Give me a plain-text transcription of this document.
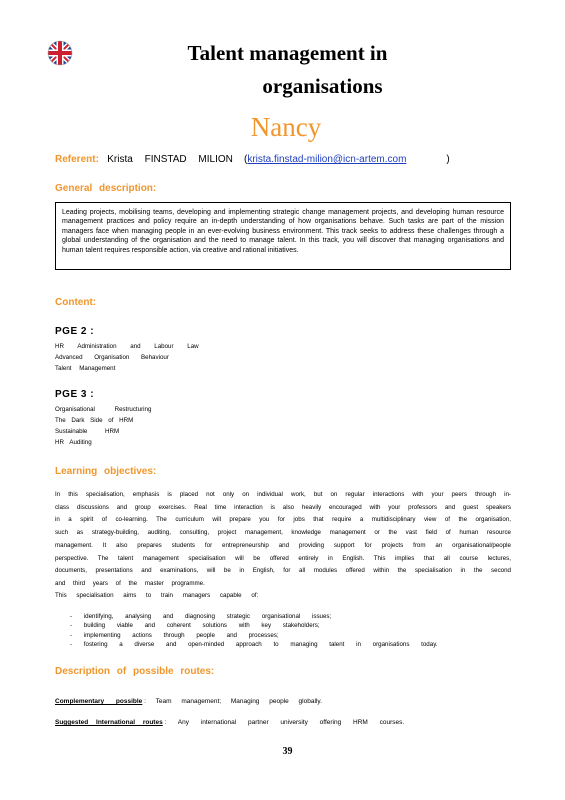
Talent management in
organisations
Nancy
Referent: Krista FINSTAD MILION (krista.finstad-milion@icn-artem.com	)
General description:
Leading projects, mobilising teams, developing and implementing strategic change management projects, and developing human resource management practices and policy require an in-depth understanding of how organisations behave. Such tasks are part of the mission managers face when managing people in an ever-evolving business environment. This track seeks to address these challenges through a global understanding of the organisation and the need to manage talent. In this track, you will discover that managing organisations and human talent requires responsible action, via creative and rational initiatives.
Content:
PGE 2 :
HR Administration and Labour Law
Advanced Organisation Behaviour
Talent Management
PGE 3 :
Organisational Restructuring
The Dark Side of HRM
Sustainable HRM
HR Auditing
Learning objectives:
In this specialisation, emphasis is placed not only on individual work, but on regular interactions with your peers through in-class discussions and group exercises. Real time interaction is also heavily encouraged with your professors and guest speakers in a spirit of co-learning. The curriculum will prepare you for jobs that require a multidisciplinary view of the organisation, such as strategy-building, auditing, consulting, project management, knowledge management or the vast field of human resource management. It also prepares students for entrepreneurship and providing support for projects from an organisational/people perspective. The talent management specialisation will be offered entirely in English. This implies that all course lectures, documents, presentations and examinations, will be in English, for all modules offered within the specialisation in the second and third years of the master programme.
This specialisation aims to train managers capable of:
- identifying, analysing and diagnosing strategic organisational issues;
- building viable and coherent solutions with key stakeholders;
- implementing actions through people and processes;
- fostering a diverse and open-minded approach to managing talent in organisations today.
Description of possible routes:
Complementary possible : Team management; Managing people globally.
Suggested International routes : Any international partner university offering HRM courses.
39
